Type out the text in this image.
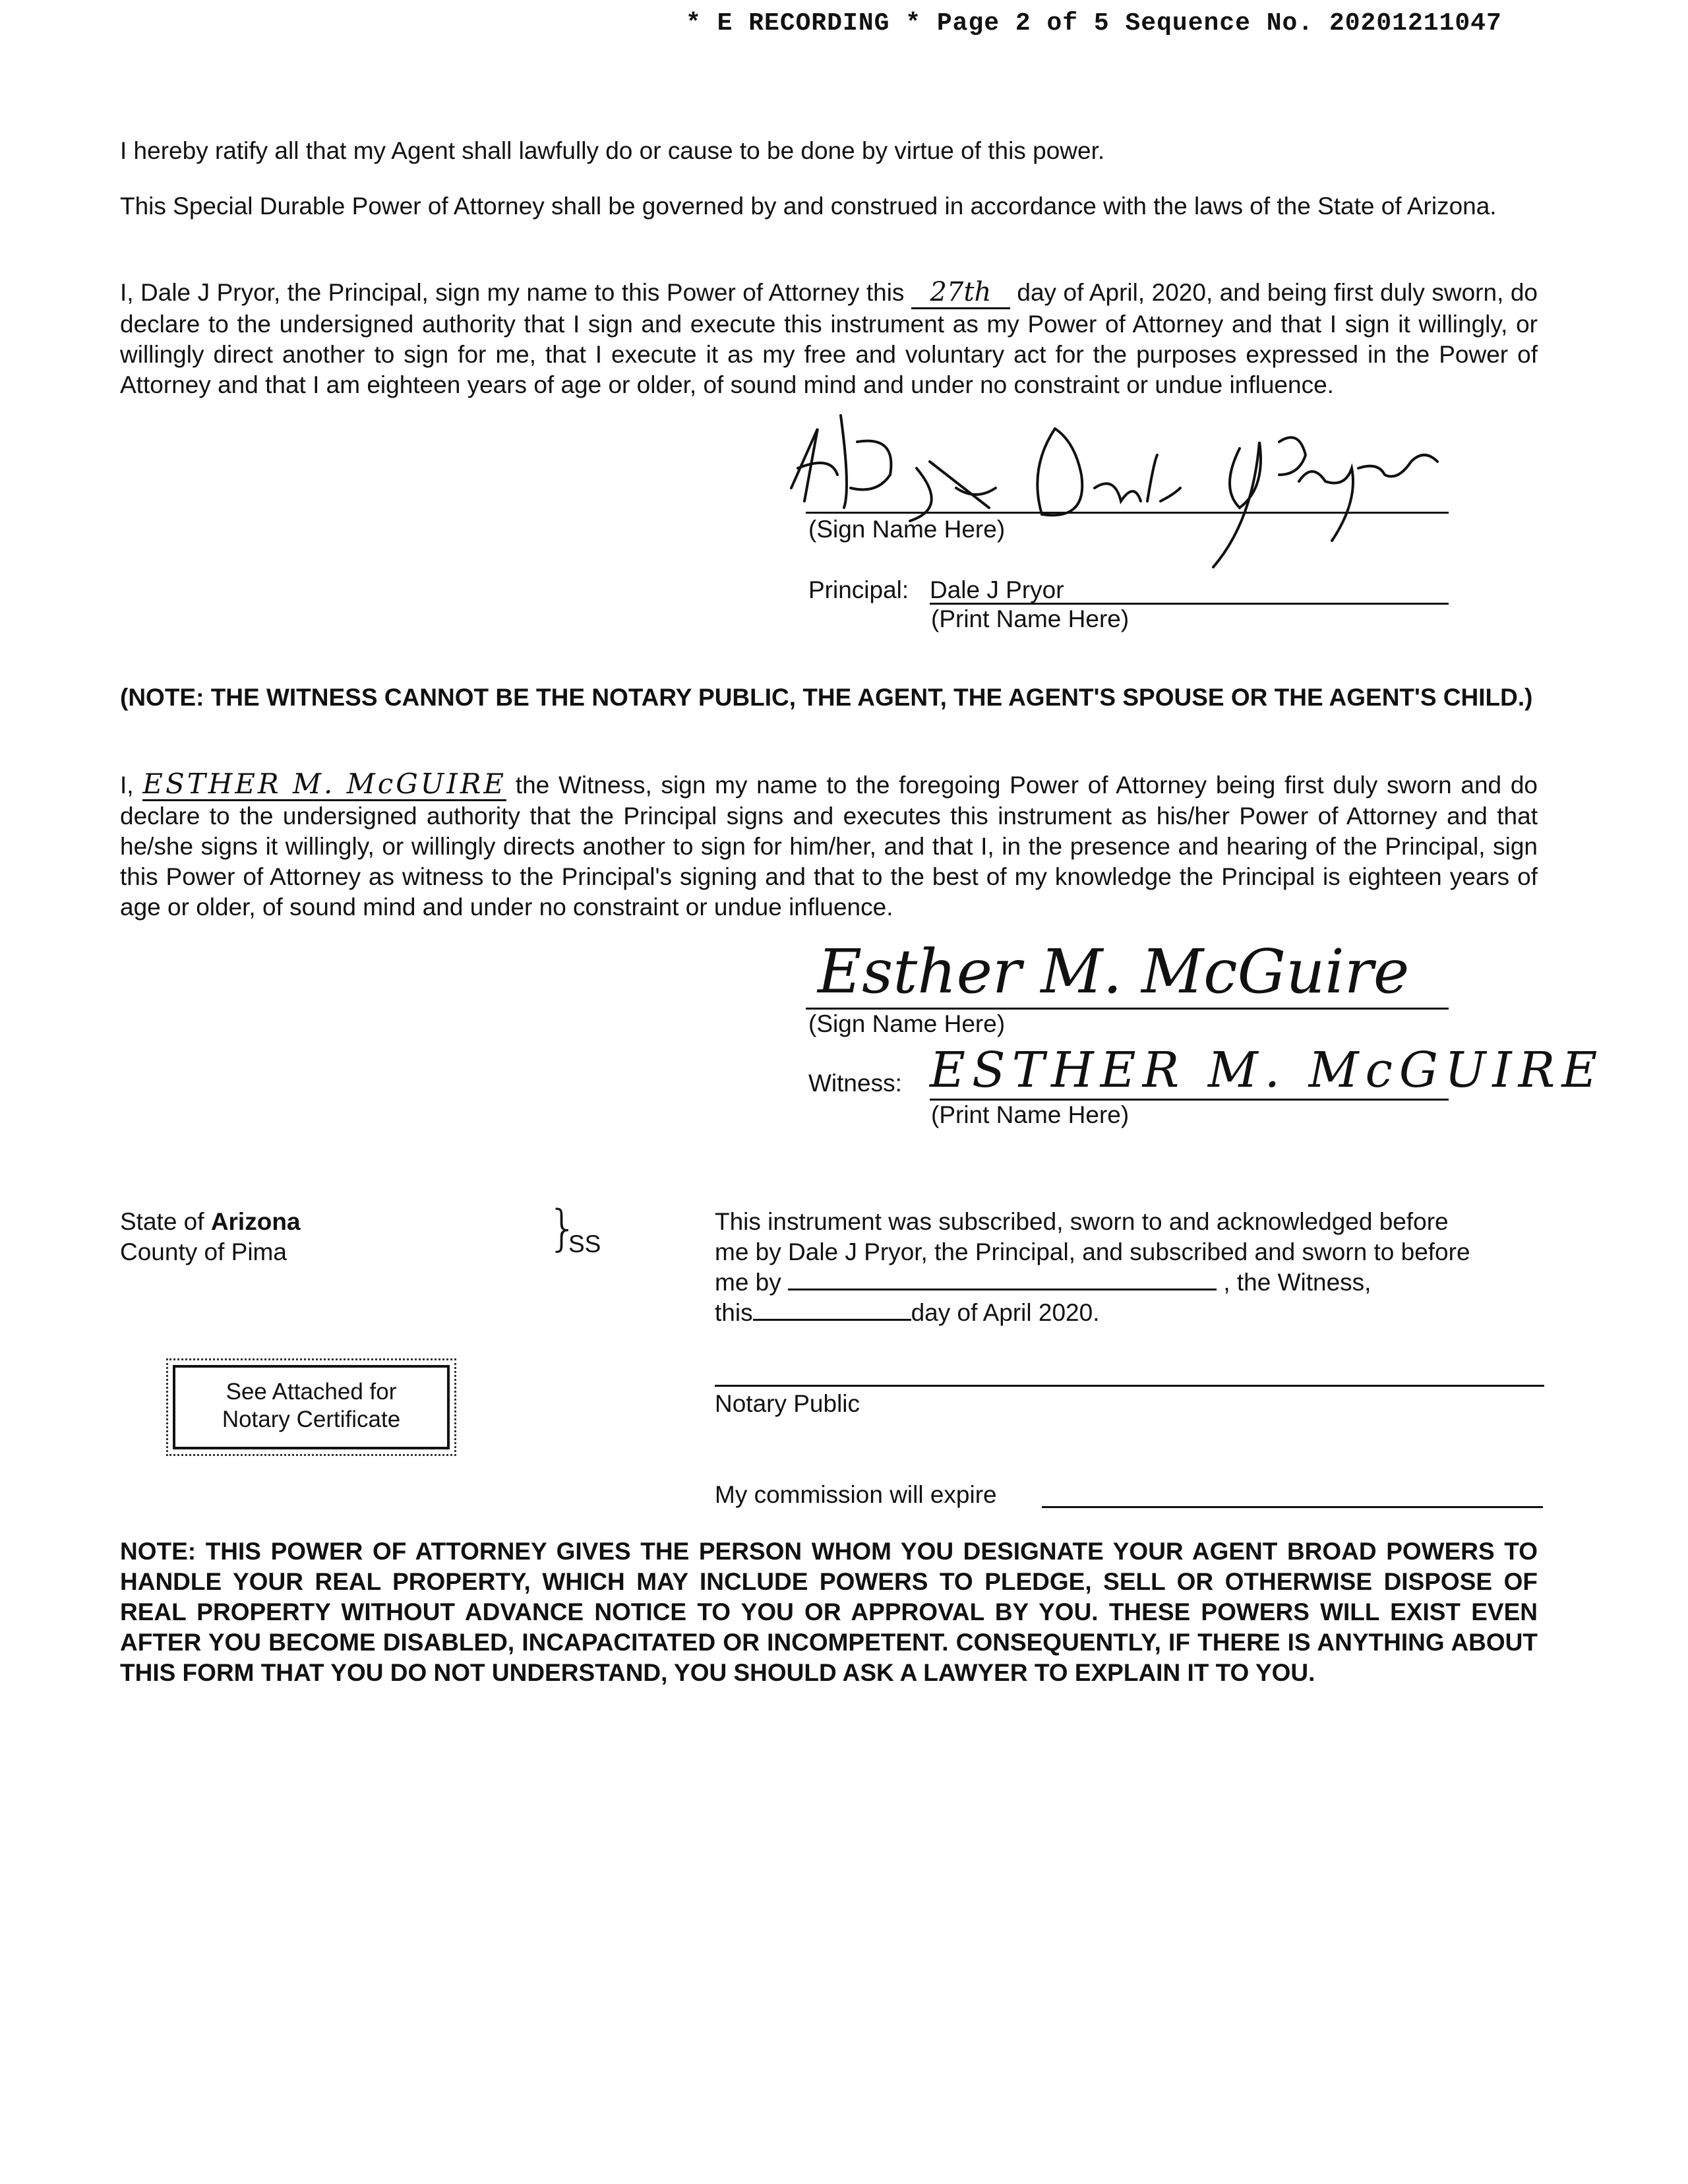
* E RECORDING * Page 2 of 5 Sequence No. 20201211047
I hereby ratify all that my Agent shall lawfully do or cause to be done by virtue of this power.
This Special Durable Power of Attorney shall be governed by and construed in accordance with the laws of the State of Arizona.
I, Dale J Pryor, the Principal, sign my name to this Power of Attorney this 27th day of April, 2020, and being first duly sworn, do declare to the undersigned authority that I sign and execute this instrument as my Power of Attorney and that I sign it willingly, or willingly direct another to sign for me, that I execute it as my free and voluntary act for the purposes expressed in the Power of Attorney and that I am eighteen years of age or older, of sound mind and under no constraint or undue influence.
(Sign Name Here)
Principal: Dale J Pryor
(Print Name Here)
(NOTE: THE WITNESS CANNOT BE THE NOTARY PUBLIC, THE AGENT, THE AGENT'S SPOUSE OR THE AGENT'S CHILD.)
I, ESTHER M. McGUIRE the Witness, sign my name to the foregoing Power of Attorney being first duly sworn and do declare to the undersigned authority that the Principal signs and executes this instrument as his/her Power of Attorney and that he/she signs it willingly, or willingly directs another to sign for him/her, and that I, in the presence and hearing of the Principal, sign this Power of Attorney as witness to the Principal's signing and that to the best of my knowledge the Principal is eighteen years of age or older, of sound mind and under no constraint or undue influence.
Esther M. McGuire
(Sign Name Here)
Witness: ESTHER M. McGUIRE
(Print Name Here)
State of Arizona
County of Pima	}
SS
This instrument was subscribed, sworn to and acknowledged before
me by Dale J Pryor, the Principal, and subscribed and sworn to before
me by	, the Witness,
this	day of April 2020.
Notary Public
My commission will expire
See Attached for
Notary Certificate
NOTE: THIS POWER OF ATTORNEY GIVES THE PERSON WHOM YOU DESIGNATE YOUR AGENT BROAD POWERS TO HANDLE YOUR REAL PROPERTY, WHICH MAY INCLUDE POWERS TO PLEDGE, SELL OR OTHERWISE DISPOSE OF REAL PROPERTY WITHOUT ADVANCE NOTICE TO YOU OR APPROVAL BY YOU. THESE POWERS WILL EXIST EVEN AFTER YOU BECOME DISABLED, INCAPACITATED OR INCOMPETENT. CONSEQUENTLY, IF THERE IS ANYTHING ABOUT THIS FORM THAT YOU DO NOT UNDERSTAND, YOU SHOULD ASK A LAWYER TO EXPLAIN IT TO YOU.
